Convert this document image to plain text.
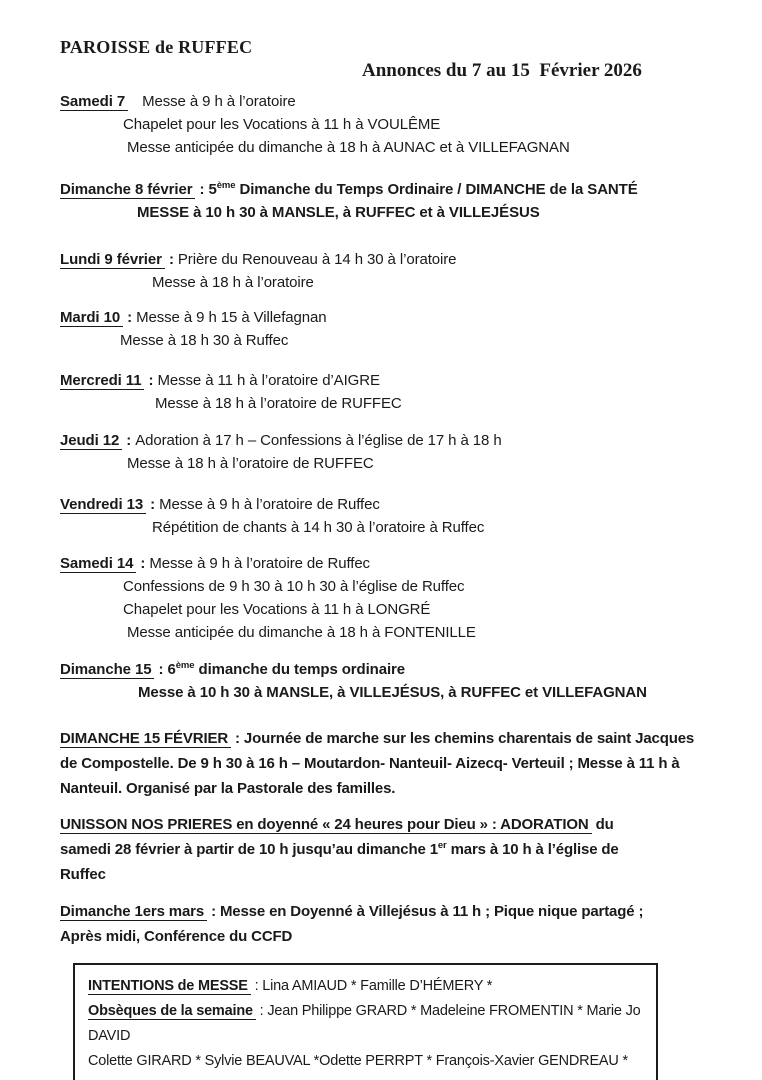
PAROISSE de RUFFEC
Annonces du 7 au 15  Février 2026
Samedi 7 Messe à 9 h à l’oratoire
Chapelet pour les Vocations à 11 h à VOULÊME
Messe anticipée du dimanche à 18 h à AUNAC et à VILLEFAGNAN
Dimanche 8 février : 5ème Dimanche du Temps Ordinaire / DIMANCHE de la SANTÉ
MESSE à 10 h 30 à MANSLE, à RUFFEC et à VILLEJÉSUS
Lundi 9 février : Prière du Renouveau à 14 h 30 à l’oratoire
Messe à 18 h à l’oratoire
Mardi 10 : Messe à 9 h 15 à Villefagnan
Messe à 18 h 30 à Ruffec
Mercredi 11 : Messe à 11 h à l’oratoire d’AIGRE
Messe à 18 h à l’oratoire de RUFFEC
Jeudi 12 : Adoration à 17 h – Confessions à l’église de 17 h à 18 h
Messe à 18 h à l’oratoire de RUFFEC
Vendredi 13 : Messe à 9 h à l’oratoire de Ruffec
Répétition de chants à 14 h 30 à l’oratoire à Ruffec
Samedi 14 : Messe à 9 h à l’oratoire de Ruffec
Confessions de 9 h 30 à 10 h 30 à l’église de Ruffec
Chapelet pour les Vocations à 11 h à LONGRÉ
Messe anticipée du dimanche à 18 h à FONTENILLE
Dimanche 15 : 6ème dimanche du temps ordinaire
Messe à 10 h 30 à MANSLE, à VILLEJÉSUS, à RUFFEC et VILLEFAGNAN

DIMANCHE 15 FÉVRIER : Journée de marche sur les chemins charentais de saint Jacques de Compostelle. De 9 h 30 à 16 h – Moutardon- Nanteuil- Aizecq- Verteuil ; Messe à 11 h à Nanteuil. Organisé par la Pastorale des familles.

UNISSON NOS PRIERES en doyenné « 24 heures pour Dieu » : ADORATION du samedi 28 février à partir de 10 h jusqu’au dimanche 1er mars à 10 h à l’église de Ruffec

Dimanche 1ers mars : Messe en Doyenné à Villejésus à 11 h ; Pique nique partagé ; Après midi, Conférence du CCFD

INTENTIONS de MESSE : Lina AMIAUD * Famille D’HÉMERY *
Obsèques de la semaine : Jean Philippe GRARD * Madeleine FROMENTIN * Marie Jo DAVID
Colette GIRARD * Sylvie BEAUVAL *Odette PERRPT * François-Xavier GENDREAU *
